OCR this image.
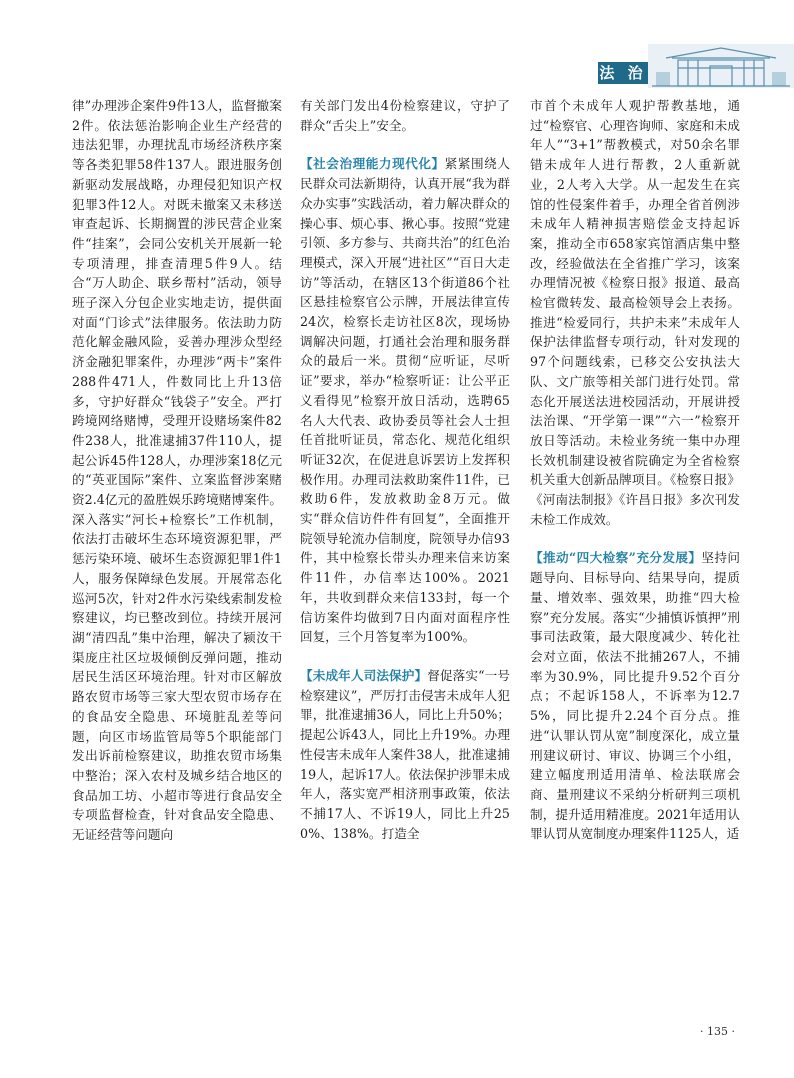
法 治

律”办理涉企案件9件13人，监督撤案2件。依法惩治影响企业生产经营的违法犯罪，办理扰乱市场经济秩序案等各类犯罪58件137人。跟进服务创新驱动发展战略，办理侵犯知识产权犯罪3件12人。对既未撤案又未移送审查起诉、长期搁置的涉民营企业案件“挂案”，会同公安机关开展新一轮专项清理，排查清理5件9人。结合“万人助企、联乡帮村”活动，领导班子深入分包企业实地走访，提供面对面“门诊式”法律服务。依法助力防范化解金融风险，妥善办理涉众型经济金融犯罪案件，办理涉“两卡”案件288件471人，件数同比上升13倍多，守护好群众“钱袋子”安全。严打跨境网络赌博，受理开设赌场案件82件238人，批准逮捕37件110人，提起公诉45件128人，办理涉案18亿元的“英亚国际”案件、立案监督涉案赌资2.4亿元的盈胜娱乐跨境赌博案件。深入落实“河长+检察长”工作机制，依法打击破坏生态环境资源犯罪，严惩污染环境、破坏生态资源犯罪1件1人，服务保障绿色发展。开展常态化巡河5次，针对2件水污染线索制发检察建议，均已整改到位。持续开展河湖“清四乱”集中治理，解决了颍汝干渠庞庄社区垃圾倾倒反弹问题，推动居民生活区环境治理。针对市区解放路农贸市场等三家大型农贸市场存在的食品安全隐患、环境脏乱差等问题，向区市场监管局等5个职能部门发出诉前检察建议，助推农贸市场集中整治；深入农村及城乡结合地区的食品加工坊、小超市等进行食品安全专项监督检查，针对食品安全隐患、无证经营等问题向

有关部门发出4份检察建议，守护了群众“舌尖上”安全。

【社会治理能力现代化】紧紧围绕人民群众司法新期待，认真开展“我为群众办实事”实践活动，着力解决群众的操心事、烦心事、揪心事。按照“党建引领、多方参与、共商共治”的红色治理模式，深入开展“进社区”“百日大走访”等活动，在辖区13个街道86个社区悬挂检察官公示牌，开展法律宣传24次，检察长走访社区8次，现场协调解决问题，打通社会治理和服务群众的最后一米。贯彻“应听证，尽听证”要求，举办“检察听证：让公平正义看得见”检察开放日活动，选聘65名人大代表、政协委员等社会人士担任首批听证员，常态化、规范化组织听证32次，在促进息诉罢访上发挥积极作用。办理司法救助案件11件，已救助6件，发放救助金8万元。做实“群众信访件件有回复”，全面推开院领导轮流办信制度，院领导办信93件，其中检察长带头办理来信来访案件11件，办信率达100%。2021年，共收到群众来信133封，每一个信访案件均做到7日内面对面程序性回复，三个月答复率为100%。

【未成年人司法保护】督促落实“一号检察建议”，严厉打击侵害未成年人犯罪，批准逮捕36人，同比上升50%；提起公诉43人，同比上升19%。办理性侵害未成年人案件38人，批准逮捕19人，起诉17人。依法保护涉罪未成年人，落实宽严相济刑事政策，依法不捕17人、不诉19人，同比上升250%、138%。打造全

市首个未成年人观护帮教基地，通过“检察官、心理咨询师、家庭和未成年人”“3+1”帮教模式，对50余名罪错未成年人进行帮教，2人重新就业，2人考入大学。从一起发生在宾馆的性侵案件着手，办理全省首例涉未成年人精神损害赔偿金支持起诉案，推动全市658家宾馆酒店集中整改，经验做法在全省推广学习，该案办理情况被《检察日报》报道、最高检官微转发、最高检领导会上表扬。推进“检爱同行，共护未来”未成年人保护法律监督专项行动，针对发现的97个问题线索，已移交公安执法大队、文广旅等相关部门进行处罚。常态化开展送法进校园活动，开展讲授法治课、“开学第一课”“六一”检察开放日等活动。未检业务统一集中办理长效机制建设被省院确定为全省检察机关重大创新品牌项目。《检察日报》《河南法制报》《许昌日报》多次刊发未检工作成效。

【推动“四大检察”充分发展】坚持问题导向、目标导向、结果导向，提质量、增效率、强效果，助推“四大检察”充分发展。落实“少捕慎诉慎押”刑事司法政策，最大限度减少、转化社会对立面，依法不批捕267人，不捕率为30.9%，同比提升9.52个百分点；不起诉158人，不诉率为12.75%，同比提升2.24个百分点。推进“认罪认罚从宽”制度深化，成立量刑建议研讨、审议、协调三个小组，建立幅度刑适用清单、检法联席会商、量刑建议不采纳分析研判三项机制，提升适用精准度。2021年适用认罪认罚从宽制度办理案件1125人，适

· 135 ·
